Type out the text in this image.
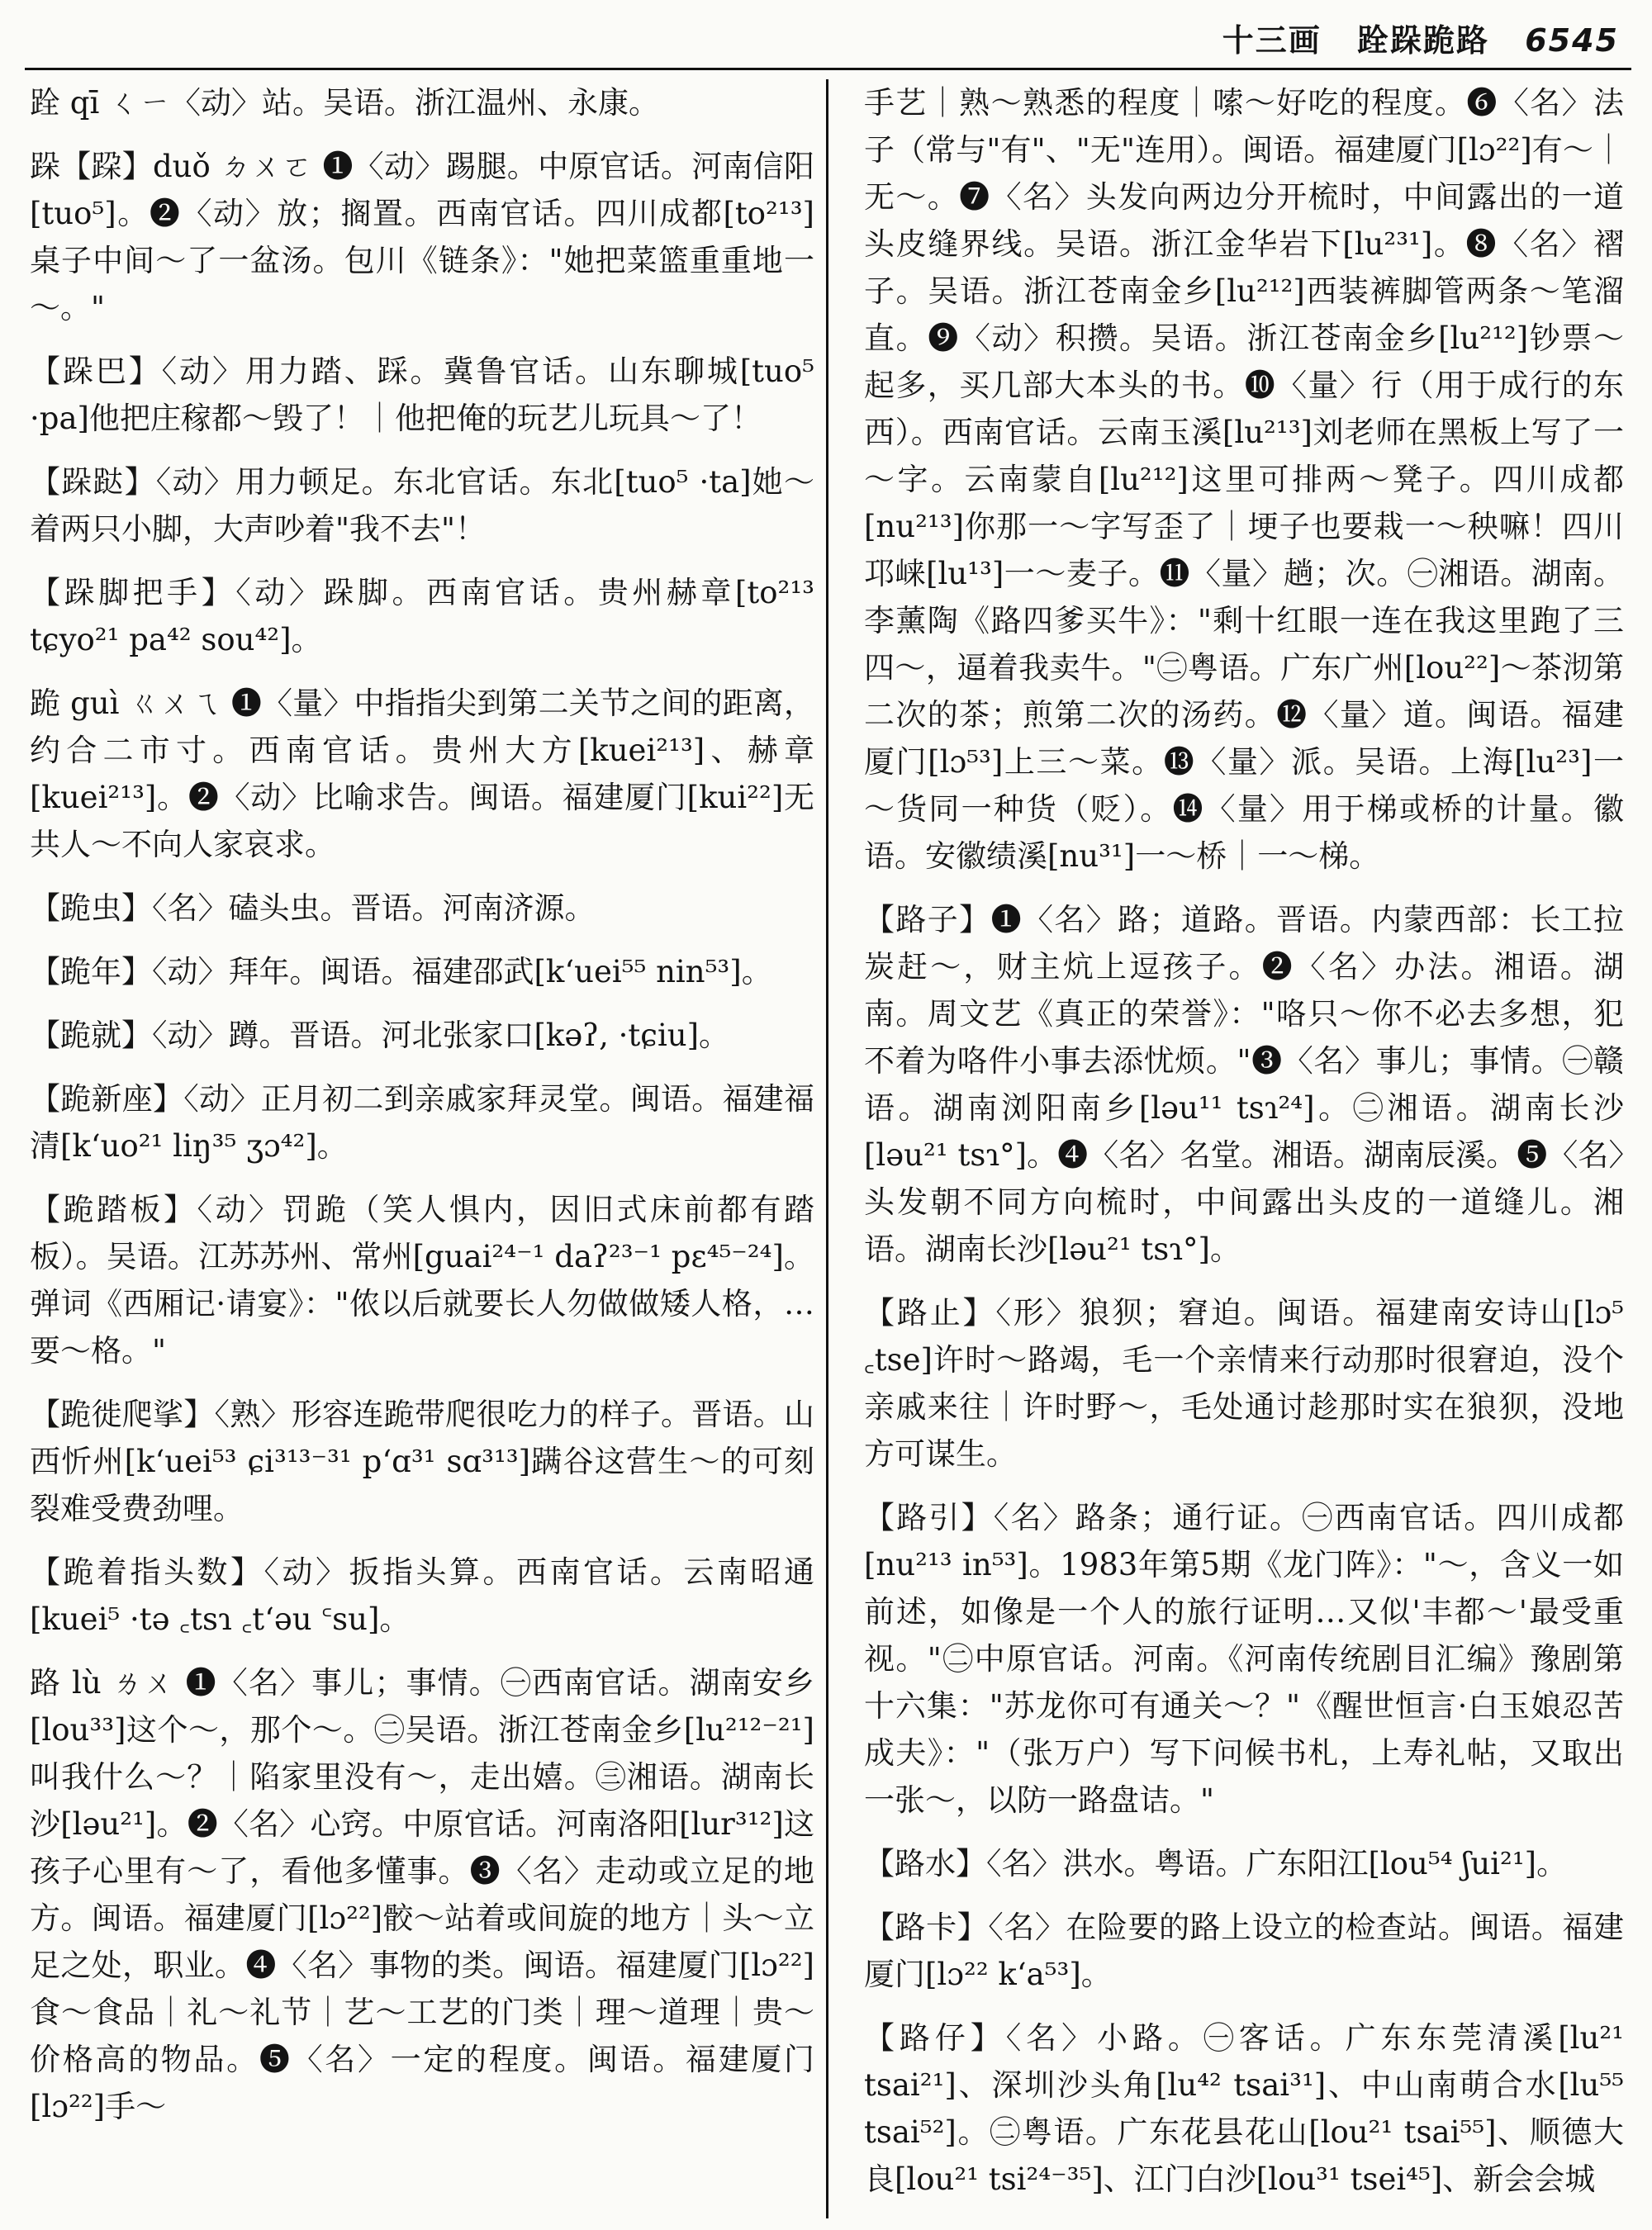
十三画 跧跺跪路 6545

跧 qī ㄑㄧ〈动〉站。吴语。浙江温州、永康。

跺【跥】duǒ ㄉㄨㄛ ❶〈动〉踢腿。中原官话。河南信阳[tuo⁵]。❷〈动〉放；搁置。西南官话。四川成都[to²¹³]桌子中间～了一盆汤。包川《链条》："她把菜篮重重地一～。"

【跺巴】〈动〉用力踏、踩。冀鲁官话。山东聊城[tuo⁵ ·pa]他把庄稼都～毁了！｜他把俺的玩艺儿玩具～了！

【跺跶】〈动〉用力顿足。东北官话。东北[tuo⁵ ·ta]她～着两只小脚，大声吵着"我不去"！

【跺脚把手】〈动〉跺脚。西南官话。贵州赫章[to²¹³ tɕyo²¹ pa⁴² sou⁴²]。

跪 guì ㄍㄨㄟ ❶〈量〉中指指尖到第二关节之间的距离，约合二市寸。西南官话。贵州大方[kuei²¹³]、赫章[kuei²¹³]。❷〈动〉比喻求告。闽语。福建厦门[kui²²]无共人～不向人家哀求。

【跪虫】〈名〉磕头虫。晋语。河南济源。

【跪年】〈动〉拜年。闽语。福建邵武[kʻuei⁵⁵ nin⁵³]。

【跪就】〈动〉蹲。晋语。河北张家口[kəʔ, ·tɕiu]。

【跪新座】〈动〉正月初二到亲戚家拜灵堂。闽语。福建福清[kʻuo²¹ liŋ³⁵ ʒɔ⁴²]。

【跪踏板】〈动〉罚跪（笑人惧内，因旧式床前都有踏板）。吴语。江苏苏州、常州[guai²⁴⁻¹ daʔ²³⁻¹ pɛ⁴⁵⁻²⁴]。弹词《西厢记·请宴》："侬以后就要长人勿做做矮人格，…要～格。"

【跪徙爬挲】〈熟〉形容连跪带爬很吃力的样子。晋语。山西忻州[kʻuei⁵³ ɕi³¹³⁻³¹ pʻɑ³¹ sɑ³¹³]蹒谷这营生～的可刻裂难受费劲哩。

【跪着指头数】〈动〉扳指头算。西南官话。云南昭通[kuei⁵ ·tə ꜀tsɿ ꜀tʻəu ꜂su]。

路 lù ㄌㄨ ❶〈名〉事儿；事情。㊀西南官话。湖南安乡[lou³³]这个～，那个～。㊁吴语。浙江苍南金乡[lu²¹²⁻²¹]叫我什么～？｜陷家里没有～，走出嬉。㊂湘语。湖南长沙[ləu²¹]。❷〈名〉心窍。中原官话。河南洛阳[lur³¹²]这孩子心里有～了，看他多懂事。❸〈名〉走动或立足的地方。闽语。福建厦门[lɔ²²]骹～站着或间旋的地方｜头～立足之处，职业。❹〈名〉事物的类。闽语。福建厦门[lɔ²²]食～食品｜礼～礼节｜艺～工艺的门类｜理～道理｜贵～价格高的物品。❺〈名〉一定的程度。闽语。福建厦门[lɔ²²]手～

手艺｜熟～熟悉的程度｜嗦～好吃的程度。❻〈名〉法子（常与"有"、"无"连用）。闽语。福建厦门[lɔ²²]有～｜无～。❼〈名〉头发向两边分开梳时，中间露出的一道头皮缝界线。吴语。浙江金华岩下[lu²³¹]。❽〈名〉褶子。吴语。浙江苍南金乡[lu²¹²]西装裤脚管两条～笔溜直。❾〈动〉积攒。吴语。浙江苍南金乡[lu²¹²]钞票～起多，买几部大本头的书。❿〈量〉行（用于成行的东西）。西南官话。云南玉溪[lu²¹³]刘老师在黑板上写了一～字。云南蒙自[lu²¹²]这里可排两～凳子。四川成都[nu²¹³]你那一～字写歪了｜埂子也要栽一～秧嘛！四川邛崃[lu¹³]一～麦子。⓫〈量〉趟；次。㊀湘语。湖南。李薰陶《路四爹买牛》："剩十红眼一连在我这里跑了三四～，逼着我卖牛。"㊁粤语。广东广州[lou²²]～茶沏第二次的茶；煎第二次的汤药。⓬〈量〉道。闽语。福建厦门[lɔ⁵³]上三～菜。⓭〈量〉派。吴语。上海[lu²³]一～货同一种货（贬）。⓮〈量〉用于梯或桥的计量。徽语。安徽绩溪[nu³¹]一～桥｜一～梯。

【路子】❶〈名〉路；道路。晋语。内蒙西部：长工拉炭赶～，财主炕上逗孩子。❷〈名〉办法。湘语。湖南。周文艺《真正的荣誉》："咯只～你不必去多想，犯不着为咯件小事去添忧烦。"❸〈名〉事儿；事情。㊀赣语。湖南浏阳南乡[ləu¹¹ tsɿ²⁴]。㊁湘语。湖南长沙[ləu²¹ tsɿ°]。❹〈名〉名堂。湘语。湖南辰溪。❺〈名〉头发朝不同方向梳时，中间露出头皮的一道缝儿。湘语。湖南长沙[ləu²¹ tsɿ°]。

【路止】〈形〉狼狈；窘迫。闽语。福建南安诗山[lɔ⁵ ꜀tse]许时～路竭，毛一个亲情来行动那时很窘迫，没个亲戚来往｜许时野～，毛处通讨趁那时实在狼狈，没地方可谋生。

【路引】〈名〉路条；通行证。㊀西南官话。四川成都[nu²¹³ in⁵³]。1983年第5期《龙门阵》："～，含义一如前述，如像是一个人的旅行证明…又似'丰都～'最受重视。"㊁中原官话。河南。《河南传统剧目汇编》豫剧第十六集："苏龙你可有通关～？"《醒世恒言·白玉娘忍苦成夫》："（张万户）写下问候书札，上寿礼帖，又取出一张～，以防一路盘诘。"

【路水】〈名〉洪水。粤语。广东阳江[lou⁵⁴ ʃui²¹]。

【路卡】〈名〉在险要的路上设立的检查站。闽语。福建厦门[lɔ²² kʻa⁵³]。

【路仔】〈名〉小路。㊀客话。广东东莞清溪[lu²¹ tsai²¹]、深圳沙头角[lu⁴² tsai³¹]、中山南萌合水[lu⁵⁵ tsai⁵²]。㊁粤语。广东花县花山[lou²¹ tsai⁵⁵]、顺德大良[lou²¹ tsi²⁴⁻³⁵]、江门白沙[lou³¹ tsei⁴⁵]、新会会城
